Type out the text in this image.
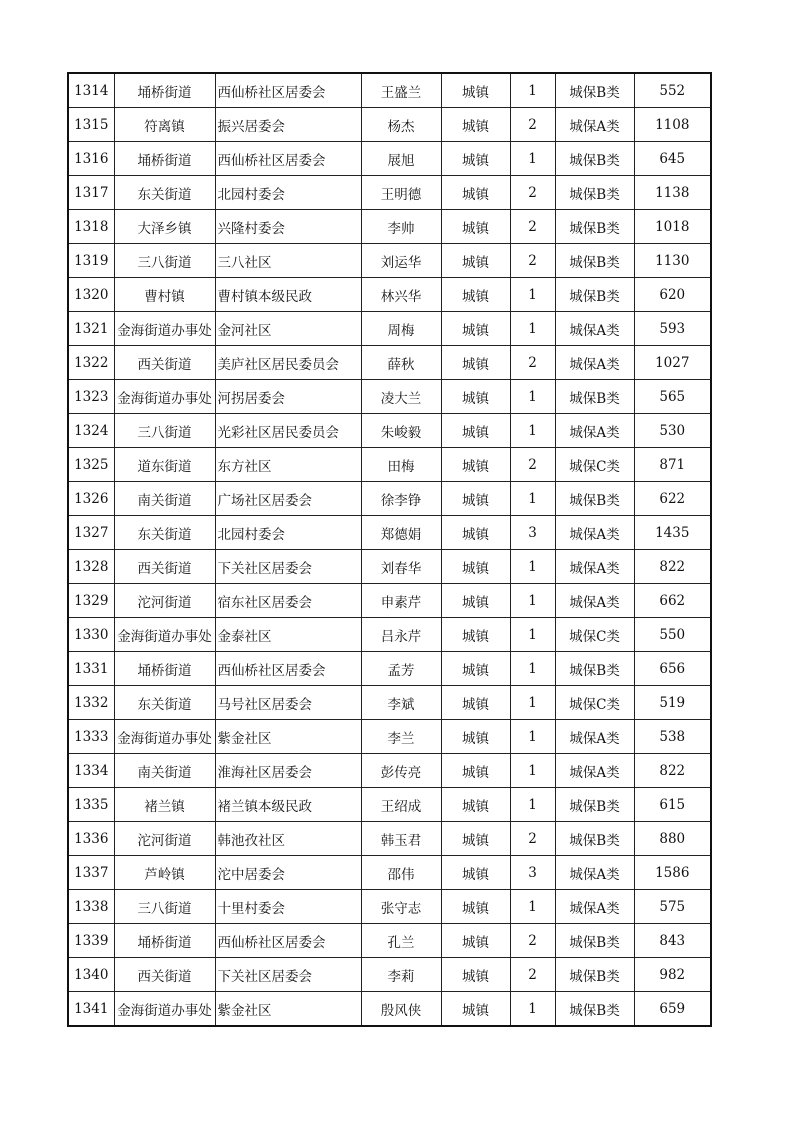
1314	埇桥街道	西仙桥社区居委会	王盛兰	城镇	1	城保B类	552
1315	符离镇	振兴居委会	杨杰	城镇	2	城保A类	1108
1316	埇桥街道	西仙桥社区居委会	展旭	城镇	1	城保B类	645
1317	东关街道	北园村委会	王明德	城镇	2	城保B类	1138
1318	大泽乡镇	兴隆村委会	李帅	城镇	2	城保B类	1018
1319	三八街道	三八社区	刘运华	城镇	2	城保B类	1130
1320	曹村镇	曹村镇本级民政	林兴华	城镇	1	城保B类	620
1321	金海街道办事处	金河社区	周梅	城镇	1	城保A类	593
1322	西关街道	美庐社区居民委员会	薛秋	城镇	2	城保A类	1027
1323	金海街道办事处	河拐居委会	凌大兰	城镇	1	城保B类	565
1324	三八街道	光彩社区居民委员会	朱峻毅	城镇	1	城保A类	530
1325	道东街道	东方社区	田梅	城镇	2	城保C类	871
1326	南关街道	广场社区居委会	徐李铮	城镇	1	城保B类	622
1327	东关街道	北园村委会	郑德娟	城镇	3	城保A类	1435
1328	西关街道	下关社区居委会	刘春华	城镇	1	城保A类	822
1329	沱河街道	宿东社区居委会	申素芹	城镇	1	城保A类	662
1330	金海街道办事处	金泰社区	吕永芹	城镇	1	城保C类	550
1331	埇桥街道	西仙桥社区居委会	孟芳	城镇	1	城保B类	656
1332	东关街道	马号社区居委会	李斌	城镇	1	城保C类	519
1333	金海街道办事处	紫金社区	李兰	城镇	1	城保A类	538
1334	南关街道	淮海社区居委会	彭传亮	城镇	1	城保A类	822
1335	褚兰镇	褚兰镇本级民政	王绍成	城镇	1	城保B类	615
1336	沱河街道	韩池孜社区	韩玉君	城镇	2	城保B类	880
1337	芦岭镇	沱中居委会	邵伟	城镇	3	城保A类	1586
1338	三八街道	十里村委会	张守志	城镇	1	城保A类	575
1339	埇桥街道	西仙桥社区居委会	孔兰	城镇	2	城保B类	843
1340	西关街道	下关社区居委会	李莉	城镇	2	城保B类	982
1341	金海街道办事处	紫金社区	殷风侠	城镇	1	城保B类	659
